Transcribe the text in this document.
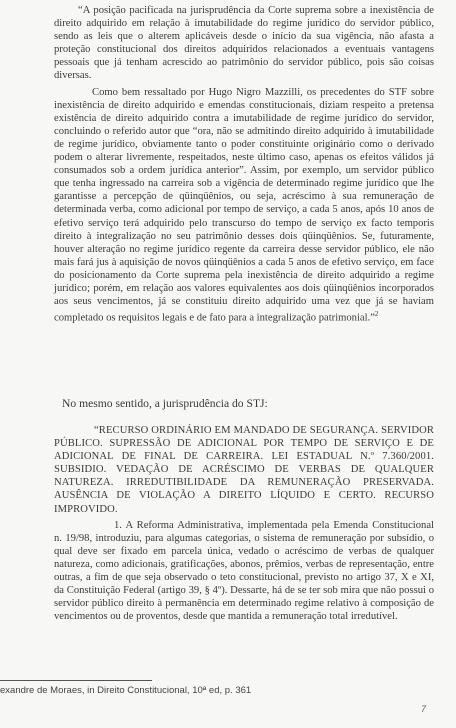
“A posição pacificada na jurisprudência da Corte suprema sobre a inexistência de direito adquirido em relação à imutabilidade do regime jurídico do servidor público, sendo as leis que o alterem aplicáveis desde o início da sua vigência, não afasta a proteção constitucional dos direitos adquiridos relacionados a eventuais vantagens pessoais que já tenham acrescido ao patrimônio do servidor público, pois são coisas diversas.

Como bem ressaltado por Hugo Nigro Mazzilli, os precedentes do STF sobre inexistência de direito adquirido e emendas constitucionais, diziam respeito a pretensa existência de direito adquirido contra a imutabilidade de regime jurídico do servidor, concluindo o referido autor que “ora, não se admitindo direito adquirido à imutabilidade de regime jurídico, obviamente tanto o poder constituinte originário como o derivado podem o alterar livremente, respeitados, neste último caso, apenas os efeitos válidos já consumados sob a ordem jurídica anterior”. Assim, por exemplo, um servidor público que tenha ingressado na carreira sob a vigência de determinado regime jurídico que lhe garantisse a percepção de qüinqüênios, ou seja, acréscimo à sua remuneração de determinada verba, como adicional por tempo de serviço, a cada 5 anos, após 10 anos de efetivo serviço terá adquirido pelo transcurso do tempo de serviço ex facto temporis direito à integralização no seu patrimônio desses dois qüinqüênios. Se, futuramente, houver alteração no regime jurídico regente da carreira desse servidor público, ele não mais fará jus à aquisição de novos qüinqüênios a cada 5 anos de efetivo serviço, em face do posicionamento da Corte suprema pela inexistência de direito adquirido a regime jurídico; porém, em relação aos valores equivalentes aos dois qüinqüênios incorporados aos seus vencimentos, já se constituiu direito adquirido uma vez que já se haviam completado os requisitos legais e de fato para a integralização patrimonial.”$^2$

No mesmo sentido, a jurisprudência do STJ:

“RECURSO ORDINÁRIO EM MANDADO DE SEGURANÇA. SERVIDOR PÚBLICO. SUPRESSÃO DE ADICIONAL POR TEMPO DE SERVIÇO E DE ADICIONAL DE FINAL DE CARREIRA. LEI ESTADUAL N.º 7.360/2001. SUBSIDIO. VEDAÇÃO DE ACRÉSCIMO DE VERBAS DE QUALQUER NATUREZA. IRREDUTIBILIDADE DA REMUNERAÇÃO PRESERVADA. AUSÊNCIA DE VIOLAÇÃO A DIREITO LÍQUIDO E CERTO. RECURSO IMPROVIDO.

1. A Reforma Administrativa, implementada pela Emenda Constitucional n. 19/98, introduziu, para algumas categorias, o sistema de remuneração por subsídio, o qual deve ser fixado em parcela única, vedado o acréscimo de verbas de qualquer natureza, como adicionais, gratificações, abonos, prêmios, verbas de representação, entre outras, a fim de que seja observado o teto constitucional, previsto no artigo 37, X e XI, da Constituição Federal (artigo 39, § 4º). Dessarte, há de se ter sob mira que não possui o servidor público direito à permanência em determinado regime relativo à composição de vencimentos ou de proventos, desde que mantida a remuneração total irredutível.

exandre de Moraes, in Direito Constitucional, 10ª ed, p. 361
7
